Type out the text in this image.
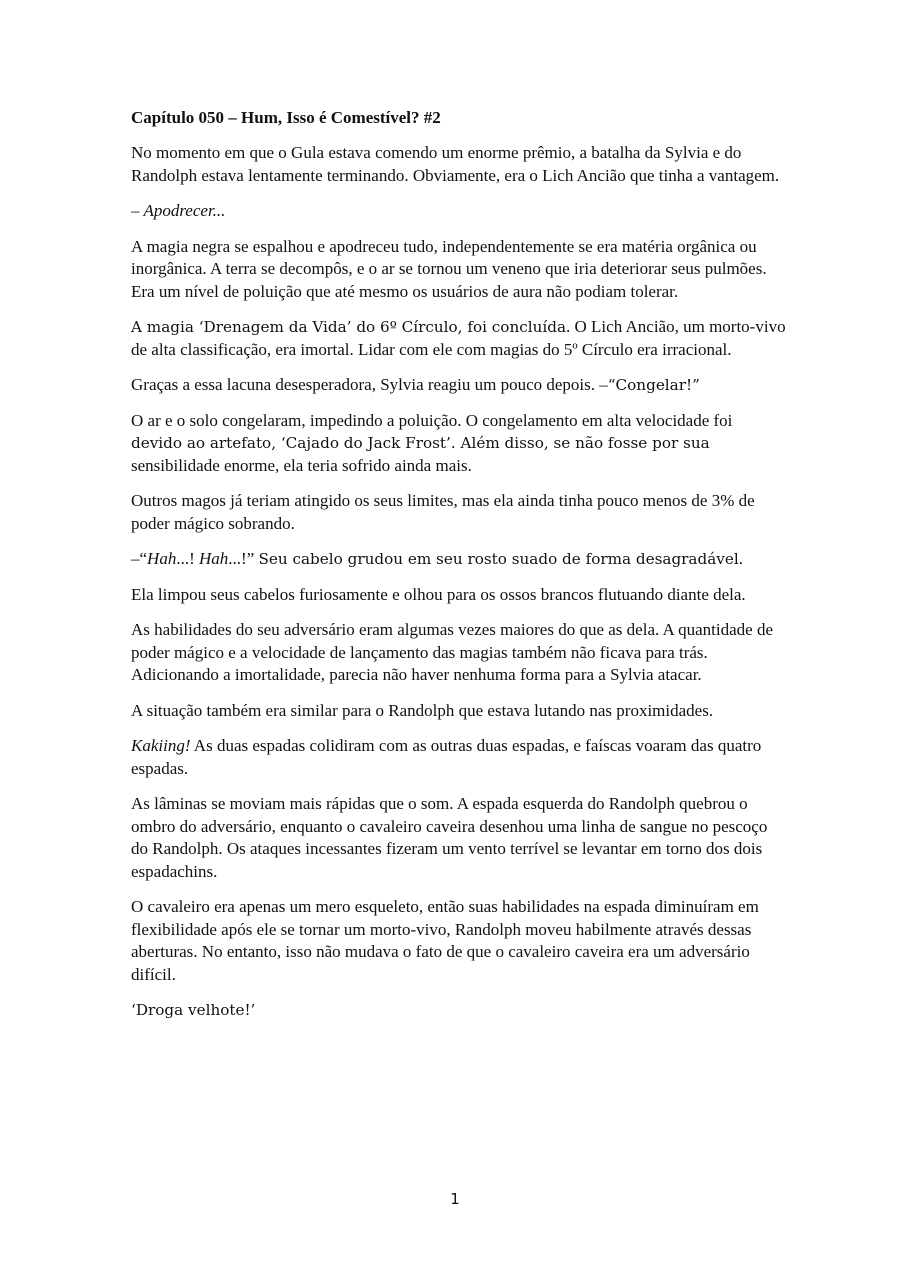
Capítulo 050 – Hum, Isso é Comestível? #2

No momento em que o Gula estava comendo um enorme prêmio, a batalha da Sylvia e do Randolph estava lentamente terminando. Obviamente, era o Lich Ancião que tinha a vantagem.

– Apodrecer...

A magia negra se espalhou e apodreceu tudo, independentemente se era matéria orgânica ou inorgânica. A terra se decompôs, e o ar se tornou um veneno que iria deteriorar seus pulmões. Era um nível de poluição que até mesmo os usuários de aura não podiam tolerar.

A magia ‘Drenagem da Vida’ do 6º Círculo, foi concluída. O Lich Ancião, um morto-vivo de alta classificação, era imortal. Lidar com ele com magias do 5º Círculo era irracional.

Graças a essa lacuna desesperadora, Sylvia reagiu um pouco depois. –“Congelar!”

O ar e o solo congelaram, impedindo a poluição. O congelamento em alta velocidade foi devido ao artefato, ‘Cajado do Jack Frost’. Além disso, se não fosse por sua sensibilidade enorme, ela teria sofrido ainda mais.

Outros magos já teriam atingido os seus limites, mas ela ainda tinha pouco menos de 3% de poder mágico sobrando.

–“Hah...! Hah...!” Seu cabelo grudou em seu rosto suado de forma desagradável.

Ela limpou seus cabelos furiosamente e olhou para os ossos brancos flutuando diante dela.

As habilidades do seu adversário eram algumas vezes maiores do que as dela. A quantidade de poder mágico e a velocidade de lançamento das magias também não ficava para trás. Adicionando a imortalidade, parecia não haver nenhuma forma para a Sylvia atacar.

A situação também era similar para o Randolph que estava lutando nas proximidades.

Kakiing! As duas espadas colidiram com as outras duas espadas, e faíscas voaram das quatro espadas.

As lâminas se moviam mais rápidas que o som. A espada esquerda do Randolph quebrou o ombro do adversário, enquanto o cavaleiro caveira desenhou uma linha de sangue no pescoço do Randolph. Os ataques incessantes fizeram um vento terrível se levantar em torno dos dois espadachins.

O cavaleiro era apenas um mero esqueleto, então suas habilidades na espada diminuíram em flexibilidade após ele se tornar um morto-vivo, Randolph moveu habilmente através dessas aberturas. No entanto, isso não mudava o fato de que o cavaleiro caveira era um adversário difícil.

‘Droga velhote!’

1
